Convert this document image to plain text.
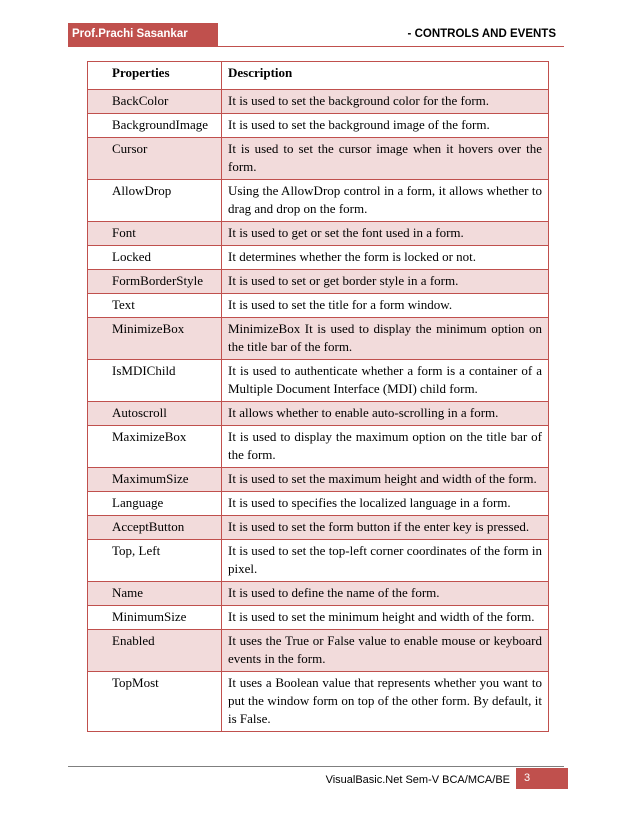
Prof.Prachi Sasankar	- CONTROLS AND EVENTS
Properties	Description
BackColor	It is used to set the background color for the form.
BackgroundImage	It is used to set the background image of the form.
Cursor	It is used to set the cursor image when it hovers over the form.
AllowDrop	Using the AllowDrop control in a form, it allows whether to drag and drop on the form.
Font	It is used to get or set the font used in a form.
Locked	It determines whether the form is locked or not.
FormBorderStyle	It is used to set or get border style in a form.
Text	It is used to set the title for a form window.
MinimizeBox	MinimizeBox It is used to display the minimum option on the title bar of the form.
IsMDIChild	It is used to authenticate whether a form is a container of a Multiple Document Interface (MDI) child form.
Autoscroll	It allows whether to enable auto-scrolling in a form.
MaximizeBox	It is used to display the maximum option on the title bar of the form.
MaximumSize	It is used to set the maximum height and width of the form.
Language	It is used to specifies the localized language in a form.
AcceptButton	It is used to set the form button if the enter key is pressed.
Top, Left	It is used to set the top-left corner coordinates of the form in pixel.
Name	It is used to define the name of the form.
MinimumSize	It is used to set the minimum height and width of the form.
Enabled	It uses the True or False value to enable mouse or keyboard events in the form.
TopMost	It uses a Boolean value that represents whether you want to put the window form on top of the other form. By default, it is False.
VisualBasic.Net Sem-V BCA/MCA/BE	3
